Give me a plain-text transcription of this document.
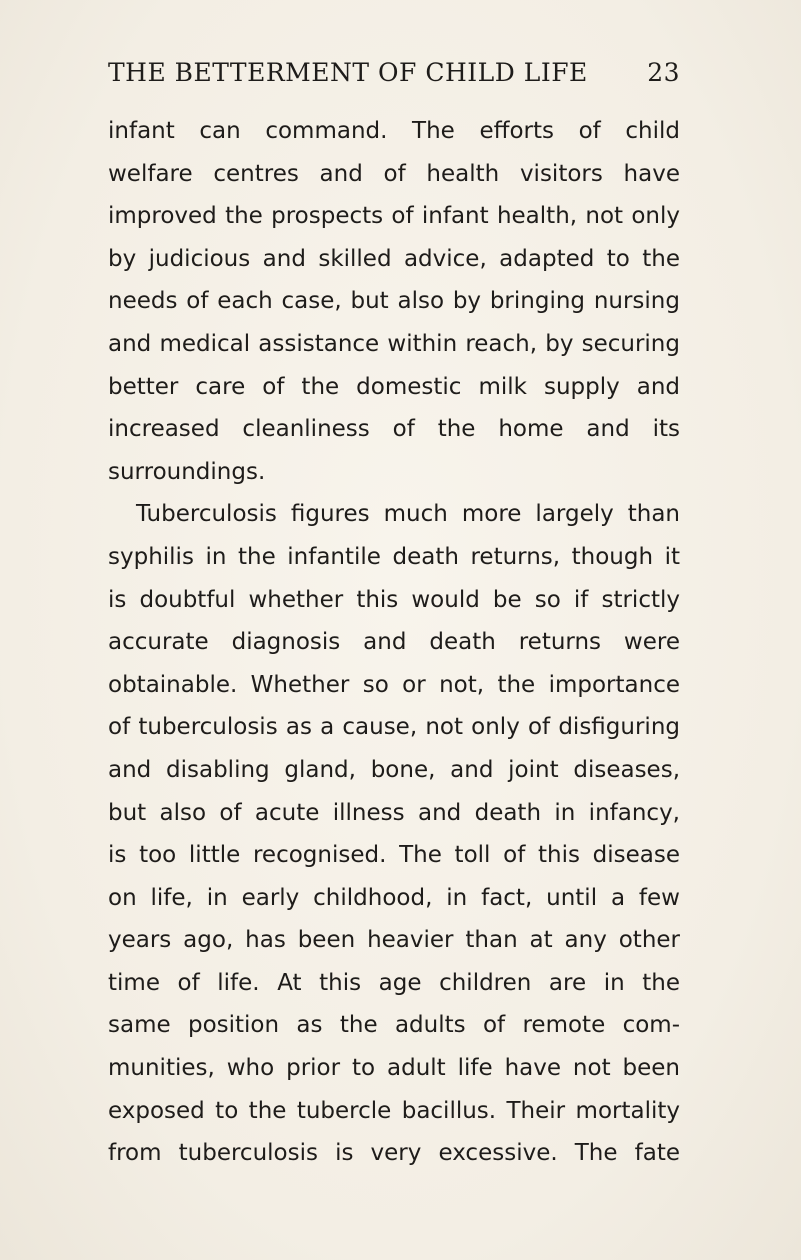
THE BETTERMENT OF CHILD LIFE 23
infant can command. The efforts of child
welfare centres and of health visitors have
improved the prospects of infant health, not only
by judicious and skilled advice, adapted to the
needs of each case, but also by bringing nursing
and medical assistance within reach, by securing
better care of the domestic milk supply and
increased cleanliness of the home and its
surroundings.
Tuberculosis figures much more largely than
syphilis in the infantile death returns, though it
is doubtful whether this would be so if strictly
accurate diagnosis and death returns were
obtainable. Whether so or not, the importance
of tuberculosis as a cause, not only of disfiguring
and disabling gland, bone, and joint diseases,
but also of acute illness and death in infancy,
is too little recognised. The toll of this disease
on life, in early childhood, in fact, until a few
years ago, has been heavier than at any other
time of life. At this age children are in the
same position as the adults of remote com-
munities, who prior to adult life have not been
exposed to the tubercle bacillus. Their mortality
from tuberculosis is very excessive. The fate
